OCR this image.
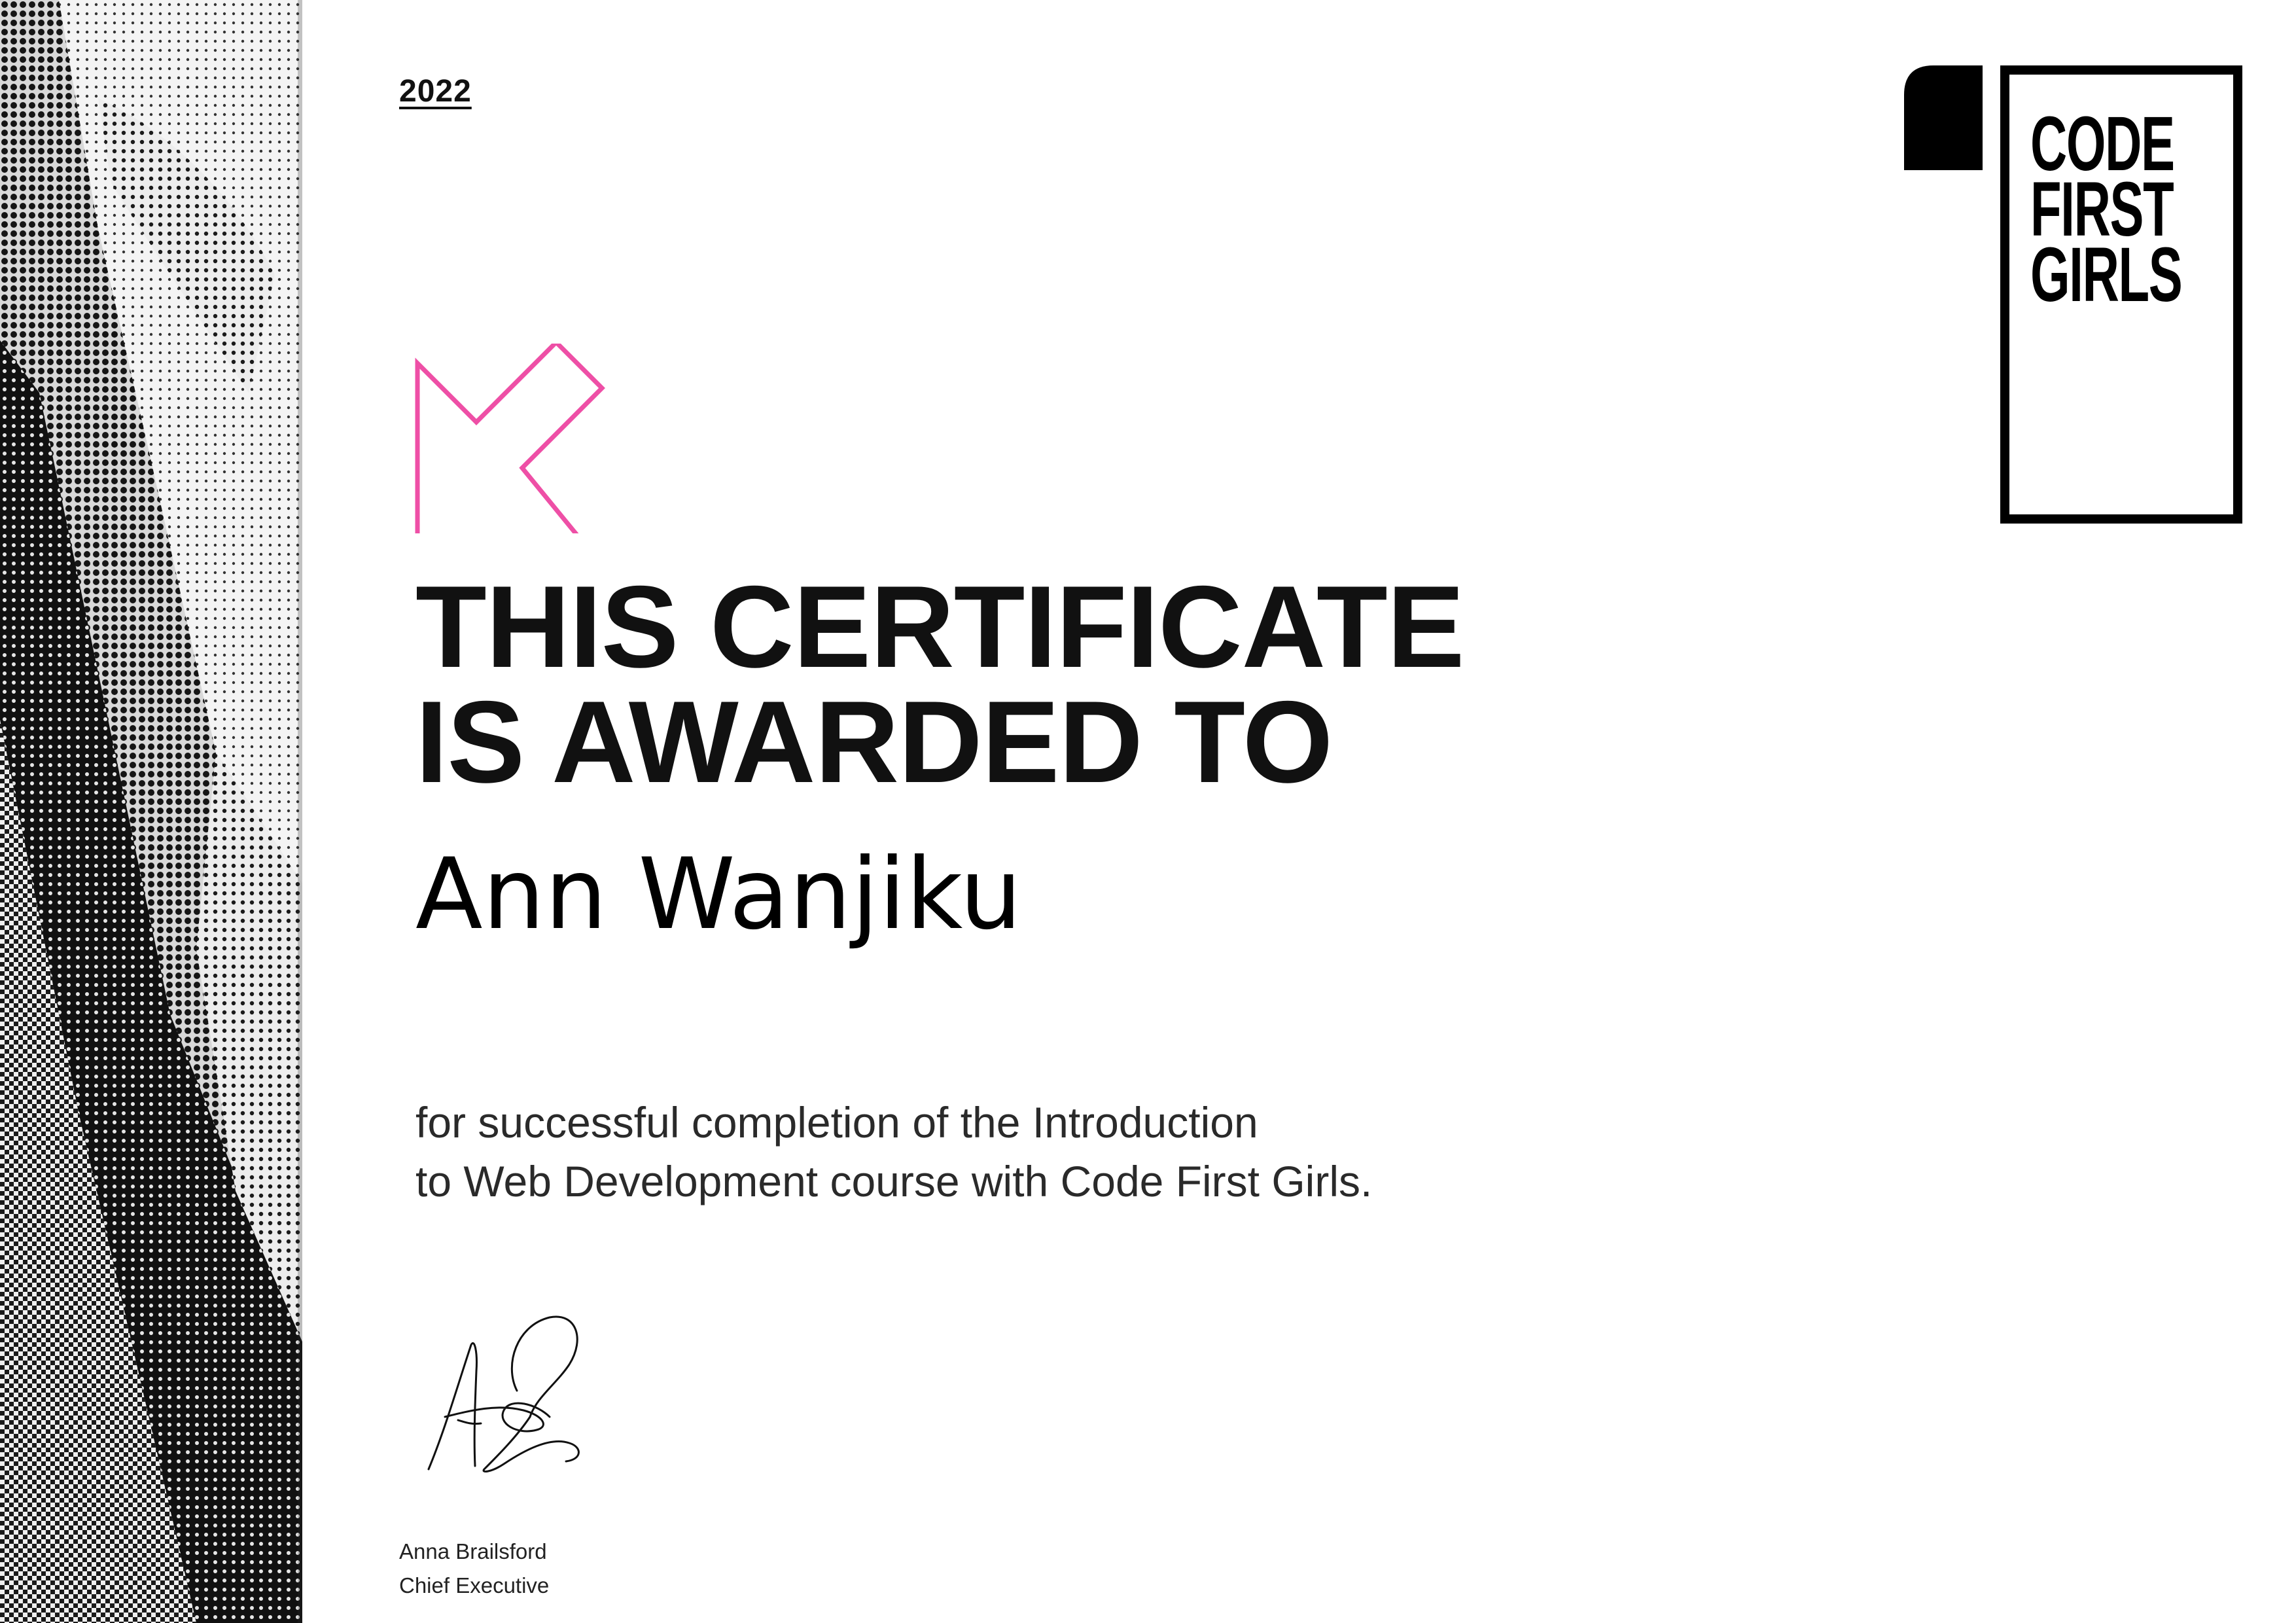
2022
CODE
FIRST
GIRLS
THIS CERTIFICATE
IS AWARDED TO
Ann Wanjiku
for successful completion of the Introduction
to Web Development course with Code First Girls.
Anna Brailsford
Chief Executive
